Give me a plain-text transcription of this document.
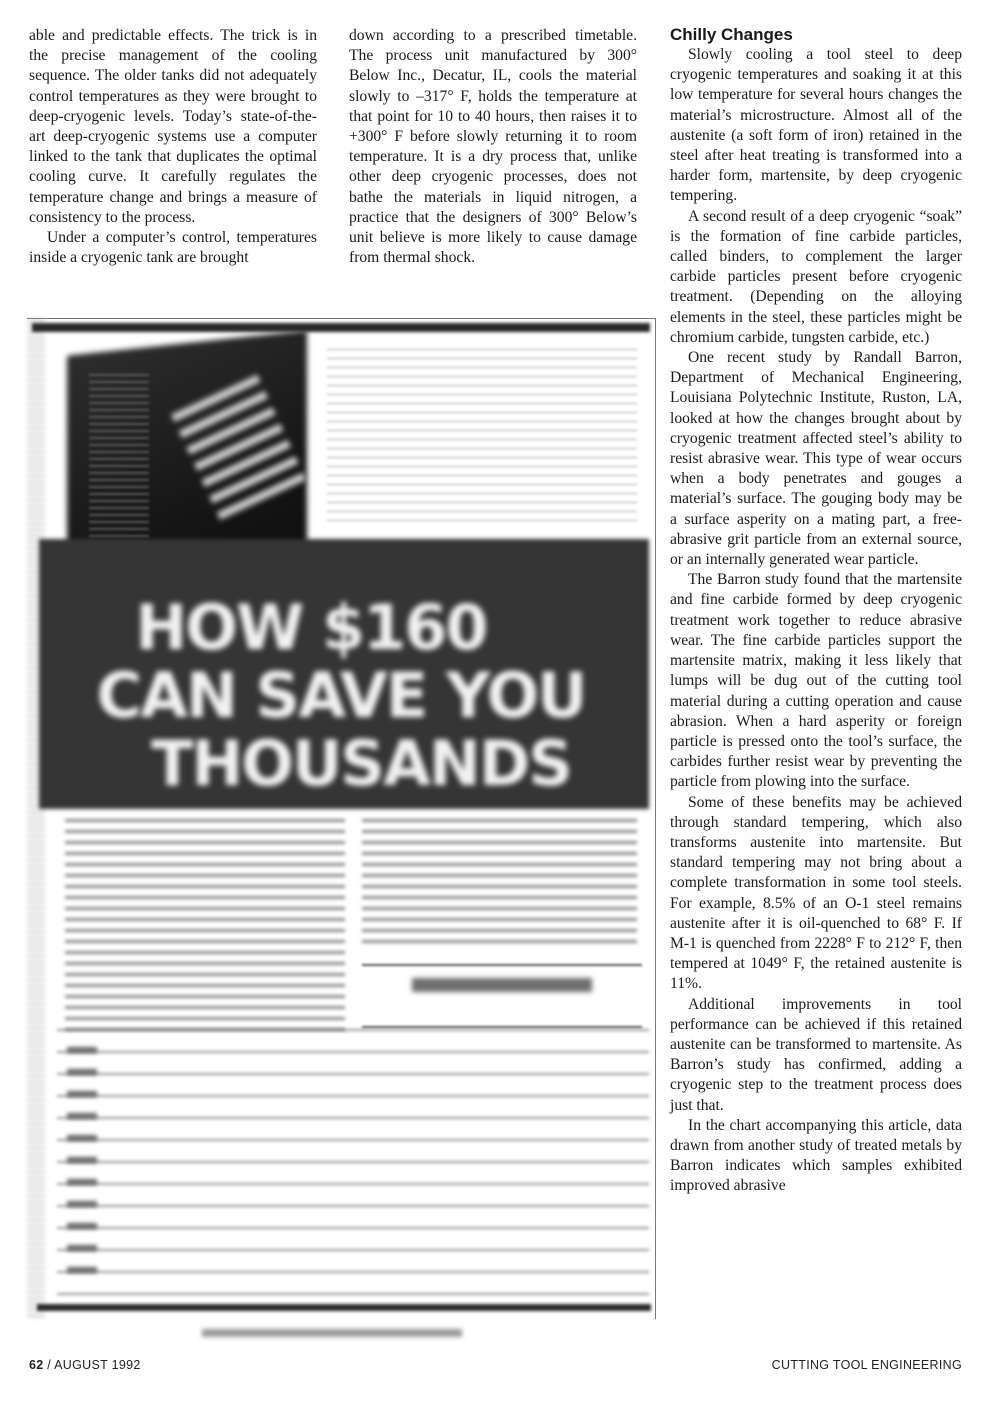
able and predictable effects. The trick is in the precise management of the cooling sequence. The older tanks did not adequately control temperatures as they were brought to deep-cryogenic levels. Today’s state-of-the-art deep-cryogenic systems use a computer linked to the tank that duplicates the optimal cooling curve. It carefully regulates the temperature change and brings a measure of consistency to the process.

Under a computer’s control, temperatures inside a cryogenic tank are brought

down according to a prescribed timetable. The process unit manufactured by 300° Below Inc., Decatur, IL, cools the material slowly to –317° F, holds the temperature at that point for 10 to 40 hours, then raises it to +300° F before slowly returning it to room temperature. It is a dry process that, unlike other deep cryogenic processes, does not bathe the materials in liquid nitrogen, a practice that the designers of 300° Below’s unit believe is more likely to cause damage from thermal shock.

Chilly Changes

Slowly cooling a tool steel to deep cryogenic temperatures and soaking it at this low temperature for several hours changes the material’s microstructure. Almost all of the austenite (a soft form of iron) retained in the steel after heat treating is transformed into a harder form, martensite, by deep cryogenic tempering.

A second result of a deep cryogenic “soak” is the formation of fine carbide particles, called binders, to complement the larger carbide particles present before cryogenic treatment. (Depending on the alloying elements in the steel, these particles might be chromium carbide, tungsten carbide, etc.)

One recent study by Randall Barron, Department of Mechanical Engineering, Louisiana Polytechnic Institute, Ruston, LA, looked at how the changes brought about by cryogenic treatment affected steel’s ability to resist abrasive wear. This type of wear occurs when a body penetrates and gouges a material’s surface. The gouging body may be a surface asperity on a mating part, a free-abrasive grit particle from an external source, or an internally generated wear particle.

The Barron study found that the martensite and fine carbide formed by deep cryogenic treatment work together to reduce abrasive wear. The fine carbide particles support the martensite matrix, making it less likely that lumps will be dug out of the cutting tool material during a cutting operation and cause abrasion. When a hard asperity or foreign particle is pressed onto the tool’s surface, the carbides further resist wear by preventing the particle from plowing into the surface.

Some of these benefits may be achieved through standard tempering, which also transforms austenite into martensite. But standard tempering may not bring about a complete transformation in some tool steels. For example, 8.5% of an O-1 steel remains austenite after it is oil-quenched to 68° F. If M-1 is quenched from 2228° F to 212° F, then tempered at 1049° F, the retained austenite is 11%.

Additional improvements in tool performance can be achieved if this retained austenite can be transformed to martensite. As Barron’s study has confirmed, adding a cryogenic step to the treatment process does just that.

In the chart accompanying this article, data drawn from another study of treated metals by Barron indicates which samples exhibited improved abrasive

HOW $160
CAN SAVE YOU
THOUSANDS
62 / AUGUST 1992	CUTTING TOOL ENGINEERING
